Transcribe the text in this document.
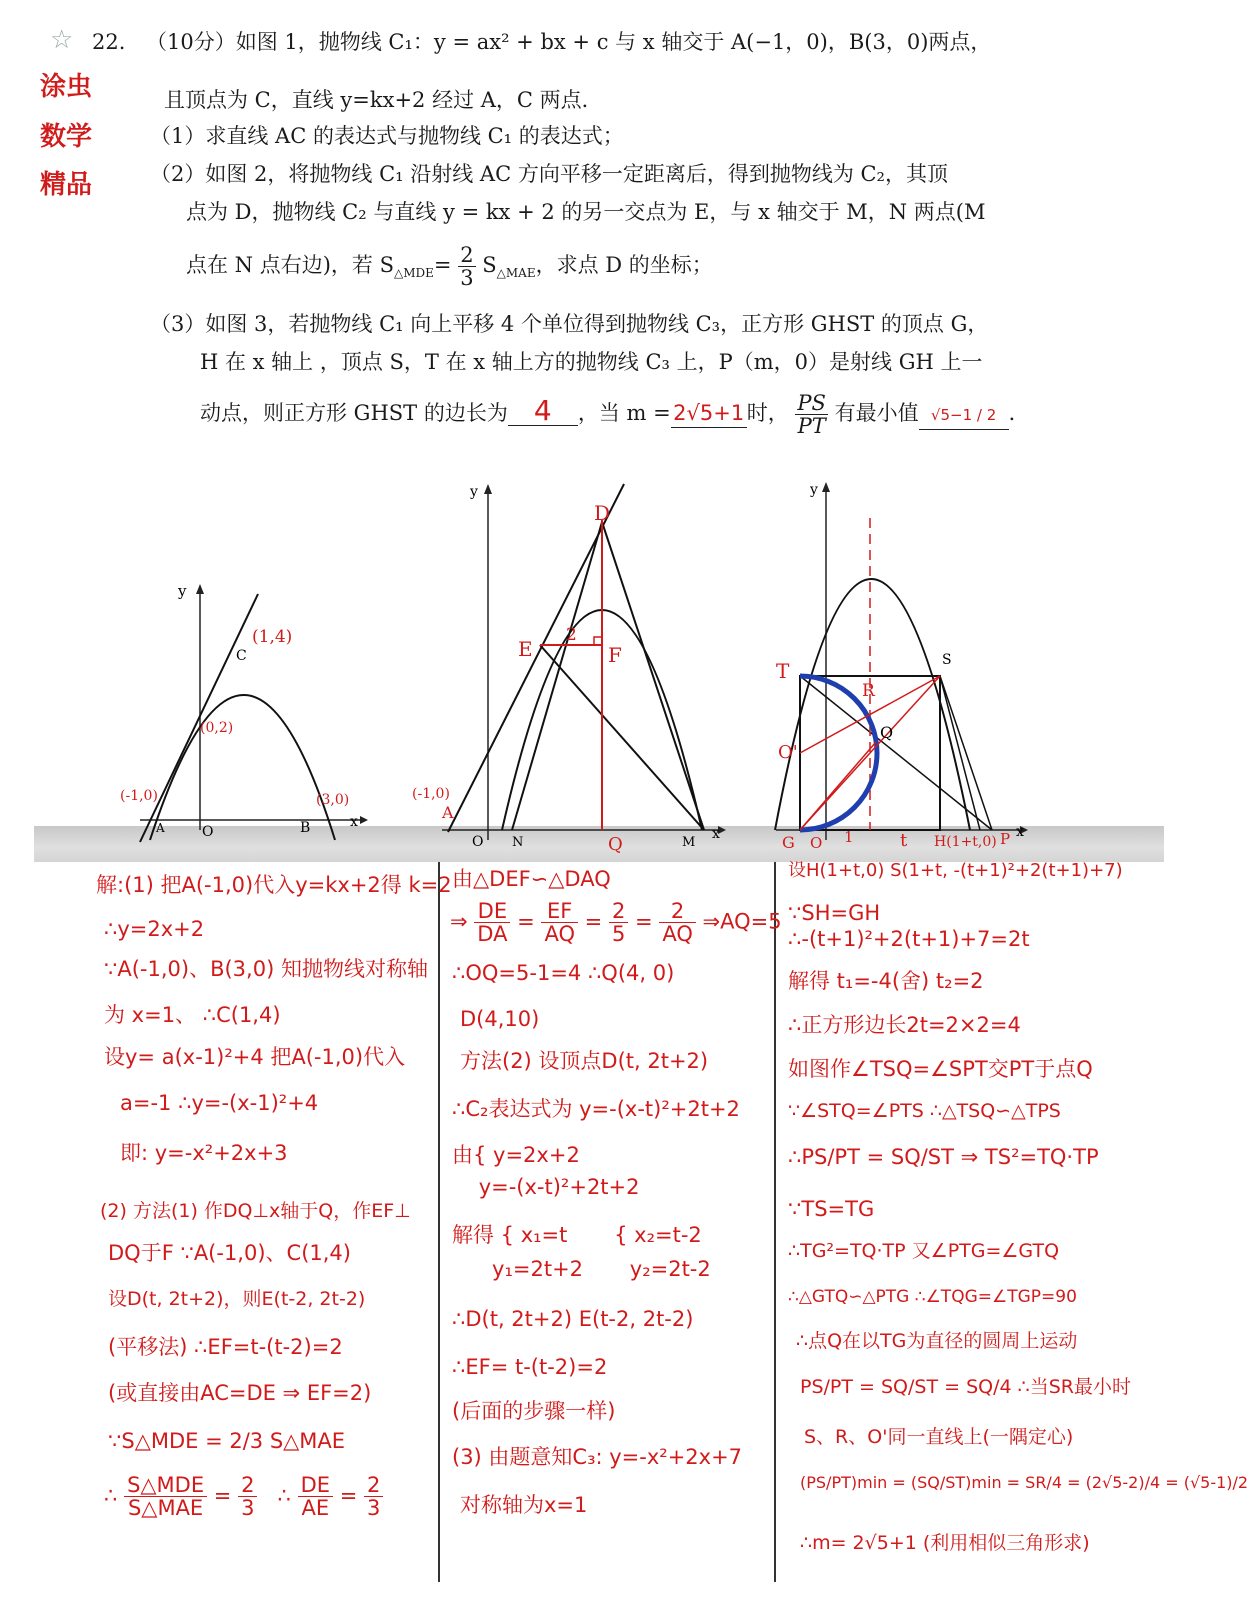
☆ 22. （10分）如图 1，抛物线 C₁：y = ax² + bx + c 与 x 轴交于 A(−1，0)，B(3，0)两点，
且顶点为 C，直线 y=kx+2 经过 A，C 两点．
（1）求直线 AC 的表达式与抛物线 C₁ 的表达式；
（2）如图 2，将抛物线 C₁ 沿射线 AC 方向平移一定距离后，得到抛物线为 C₂，其顶
点为 D，抛物线 C₂ 与直线 y = kx + 2 的另一交点为 E，与 x 轴交于 M，N 两点(M
点在 N 点右边)，若 $S_{\triangle MDE}= \frac{2}{3} S_{\triangle MAE}$，求点 D 的坐标；
（3）如图 3，若抛物线 C₁ 向上平移 4 个单位得到抛物线 C₃，正方形 GHST 的顶点 G，
H 在 x 轴上 ，顶点 S，T 在 x 轴上方的抛物线 C₃ 上，P（m，0）是射线 GH 上一
动点，则正方形 GHST 的边长为 4 ，当 m = 2√5+1 时， $\frac{PS}{PT}$ 有最小值 √5−1 / 2 ．
涂虫
数学
精品
y
x
O
A	B
C
(1,4)
(0,2)
(-1,0)	(3,0)
y
x
O N	M
D
E	F
2
Q
(-1,0)
A
y
x
T	S
R
Q
O'
G O 1	t H(1+t,0) P
解:(1) 把A(-1,0)代入y=kx+2得 k=2
∴y=2x+2
∵A(-1,0)、B(3,0) 知抛物线对称轴
为 x=1、 ∴C(1,4)
设y= a(x-1)²+4 把A(-1,0)代入
a=-1 ∴y=-(x-1)²+4
即: y=-x²+2x+3
(2) 方法(1) 作DQ⊥x轴于Q，作EF⊥
DQ于F ∵A(-1,0)、C(1,4)
设D(t, 2t+2)，则E(t-2, 2t-2)
(平移法) ∴EF=t-(t-2)=2
(或直接由AC=DE ⇒ EF=2)
∵S△MDE = 2/3 S△MAE
∴ S△MDE
S△MAE
= $\frac{2}{3}$ ∴ $\frac{DE}{AE} = \frac{2}{3}$
由△DEF∽△DAQ
⇒ $\frac{DE}{DA} = \frac{EF}{AQ} = \frac{2}{5} = \frac{2}{AQ}$ ⇒AQ=5
∴OQ=5-1=4 ∴Q(4, 0)
D(4,10)
方法(2) 设顶点D(t, 2t+2)
∴C₂表达式为 y=-(x-t)²+2t+2
由{ y=2x+2
y=-(x-t)²+2t+2
解得 { x₁=t       { x₂=t-2
y₁=2t+2       y₂=2t-2
∴D(t, 2t+2) E(t-2, 2t-2)
∴EF= t-(t-2)=2
(后面的步骤一样)
(3) 由题意知C₃: y=-x²+2x+7
对称轴为x=1
设H(1+t,0) S(1+t, -(t+1)²+2(t+1)+7)
∵SH=GH
∴-(t+1)²+2(t+1)+7=2t
解得 t₁=-4(舍) t₂=2
∴正方形边长2t=2×2=4
如图作∠TSQ=∠SPT交PT于点Q
∵∠STQ=∠PTS ∴△TSQ∽△TPS
∴PS/PT = SQ/ST ⇒ TS²=TQ·TP
∵TS=TG
∴TG²=TQ·TP 又∠PTG=∠GTQ
∴△GTQ∽△PTG ∴∠TQG=∠TGP=90
∴点Q在以TG为直径的圆周上运动
PS/PT = SQ/ST = SQ/4 ∴当SR最小时
S、R、O'同一直线上(一隅定心)
(PS/PT)min = (SQ/ST)min = SR/4 = (2√5-2)/4 = (√5-1)/2
∴m= 2√5+1 (利用相似三角形求)
